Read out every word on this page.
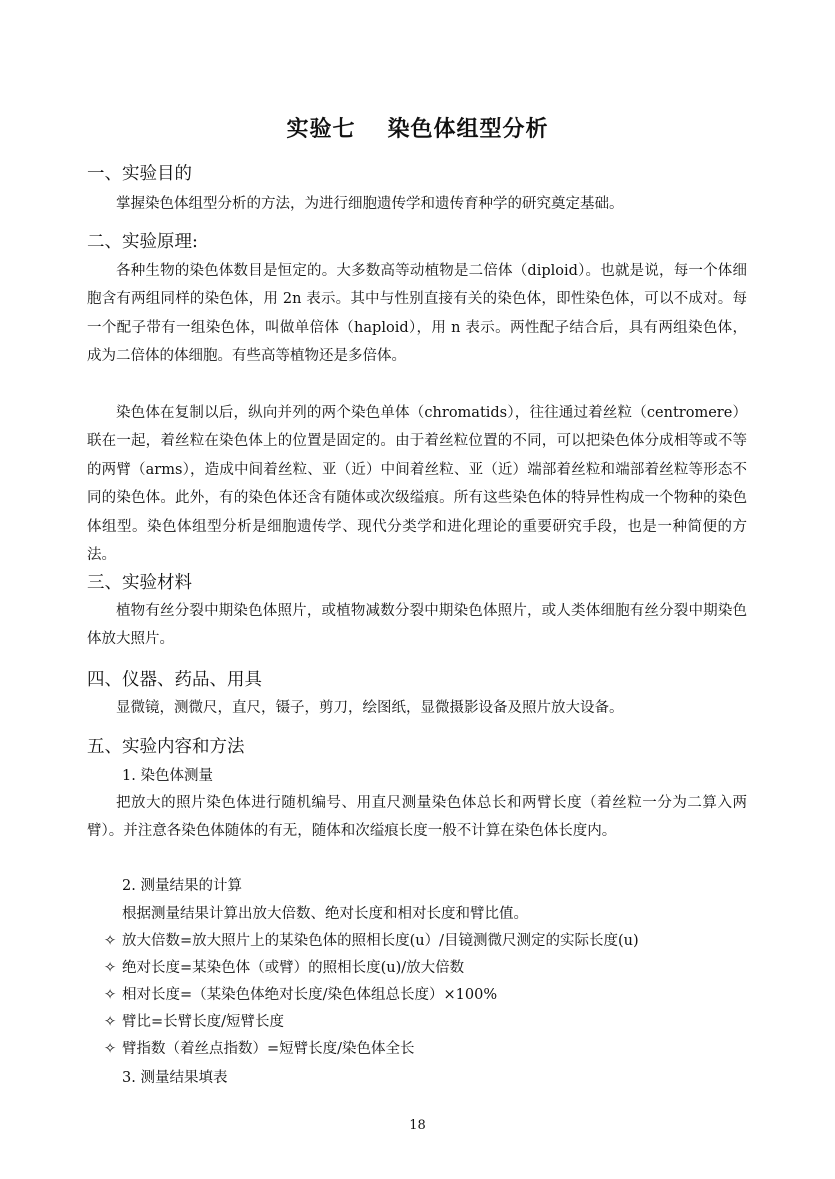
实验七 染色体组型分析
一、实验目的

掌握染色体组型分析的方法，为进行细胞遗传学和遗传育种学的研究奠定基础。

二、实验原理:

各种生物的染色体数目是恒定的。大多数高等动植物是二倍体（diploid）。也就是说，每一个体细胞含有两组同样的染色体，用 2n 表示。其中与性别直接有关的染色体，即性染色体，可以不成对。每一个配子带有一组染色体，叫做单倍体（haploid），用 n 表示。两性配子结合后，具有两组染色体，成为二倍体的体细胞。有些高等植物还是多倍体。

染色体在复制以后，纵向并列的两个染色单体（chromatids），往往通过着丝粒（centromere）联在一起，着丝粒在染色体上的位置是固定的。由于着丝粒位置的不同，可以把染色体分成相等或不等的两臂（arms），造成中间着丝粒、亚（近）中间着丝粒、亚（近）端部着丝粒和端部着丝粒等形态不同的染色体。此外，有的染色体还含有随体或次级缢痕。所有这些染色体的特异性构成一个物种的染色体组型。染色体组型分析是细胞遗传学、现代分类学和进化理论的重要研究手段，也是一种简便的方法。

三、实验材料

植物有丝分裂中期染色体照片，或植物减数分裂中期染色体照片，或人类体细胞有丝分裂中期染色体放大照片。

四、仪器、药品、用具

显微镜，测微尺，直尺，镊子，剪刀，绘图纸，显微摄影设备及照片放大设备。

五、实验内容和方法
1. 染色体测量

把放大的照片染色体进行随机编号、用直尺测量染色体总长和两臂长度（着丝粒一分为二算入两臂）。并注意各染色体随体的有无，随体和次缢痕长度一般不计算在染色体长度内。

2. 测量结果的计算
根据测量结果计算出放大倍数、绝对长度和相对长度和臂比值。
✧ 放大倍数=放大照片上的某染色体的照相长度(u）/目镜测微尺测定的实际长度(u)
✧ 绝对长度=某染色体（或臂）的照相长度(u)/放大倍数
✧ 相对长度=（某染色体绝对长度/染色体组总长度）×100%
✧ 臂比=长臂长度/短臂长度
✧ 臂指数（着丝点指数）=短臂长度/染色体全长
3. 测量结果填表
18
